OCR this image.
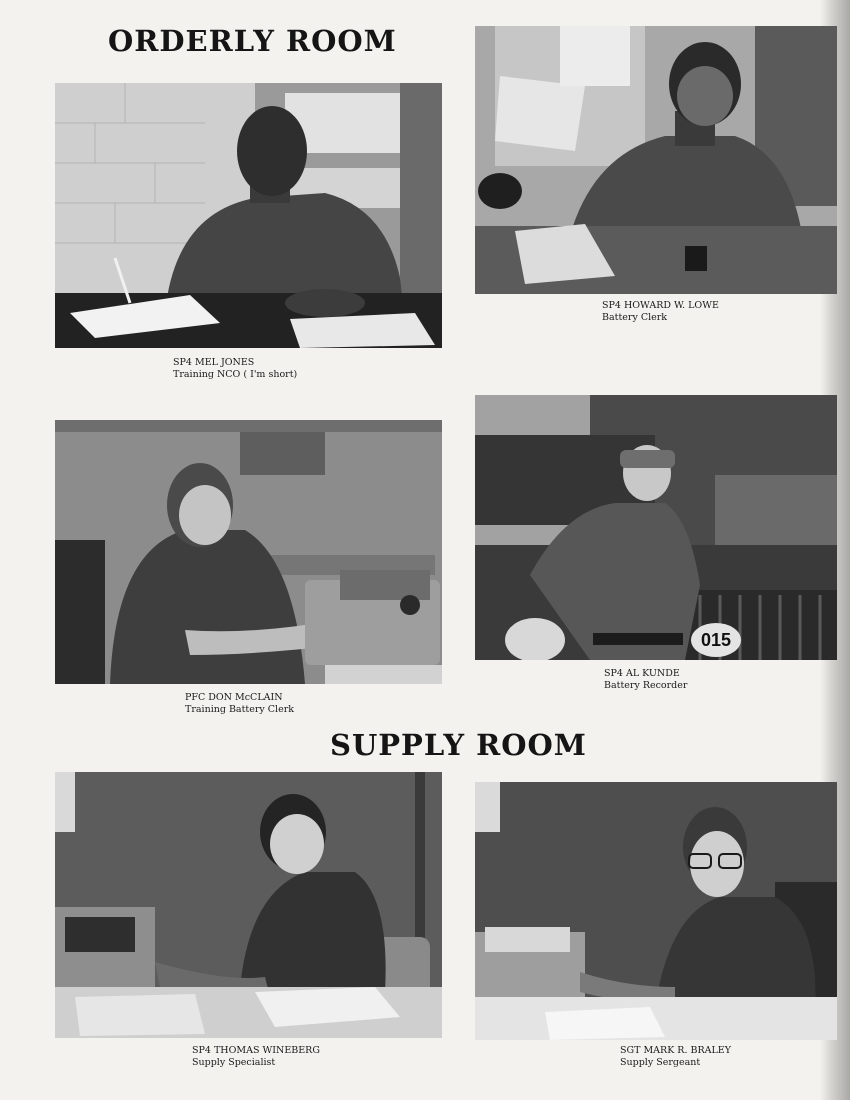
ORDERLY ROOM
SUPPLY ROOM
SP4 MEL JONES
Training NCO ( I'm short)
SP4 HOWARD W. LOWE
Battery Clerk
PFC DON McCLAIN
Training Battery Clerk
015
SP4 AL KUNDE
Battery Recorder
SP4 THOMAS WINEBERG
Supply Specialist
SGT MARK R. BRALEY
Supply Sergeant
